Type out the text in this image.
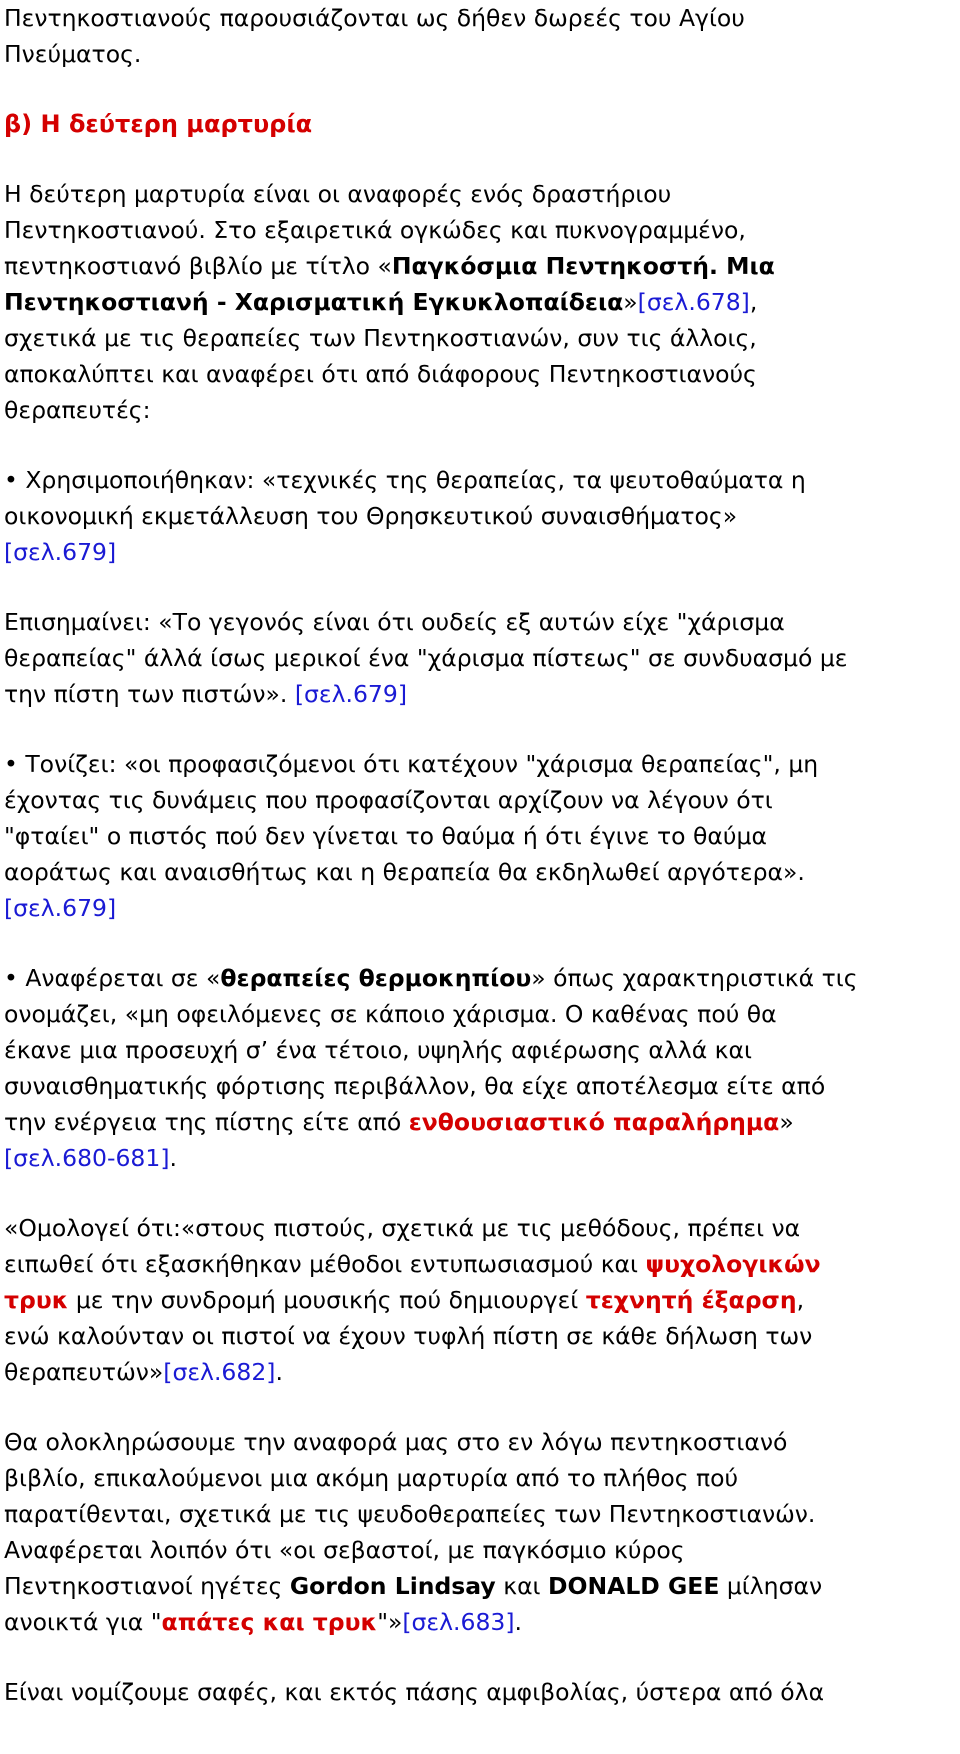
Πεντηκοστιανούς παρουσιάζονται ως δήθεν δωρεές του Αγίου
Πνεύματος.
β) Η δεύτερη μαρτυρία
Η δεύτερη μαρτυρία είναι οι αναφορές ενός δραστήριου
Πεντηκοστιανού. Στο εξαιρετικά ογκώδες και πυκνογραμμένο,
πεντηκοστιανό βιβλίο με τίτλο «Παγκόσμια Πεντηκοστή. Μια
Πεντηκοστιανή - Χαρισματική Εγκυκλοπαίδεια»[σελ.678],
σχετικά με τις θεραπείες των Πεντηκοστιανών, συν τις άλλοις,
αποκαλύπτει και αναφέρει ότι από διάφορους Πεντηκοστιανούς
θεραπευτές:
• Χρησιμοποιήθηκαν: «τεχνικές της θεραπείας, τα ψευτοθαύματα η
οικονομική εκμετάλλευση του Θρησκευτικού συναισθήματος»
[σελ.679]
Επισημαίνει: «Το γεγονός είναι ότι ουδείς εξ αυτών είχε "χάρισμα
θεραπείας" άλλά ίσως μερικοί ένα "χάρισμα πίστεως" σε συνδυασμό με
την πίστη των πιστών». [σελ.679]
• Τονίζει: «οι προφασιζόμενοι ότι κατέχουν "χάρισμα θεραπείας", μη
έχοντας τις δυνάμεις που προφασίζονται αρχίζουν να λέγουν ότι
"φταίει" ο πιστός πού δεν γίνεται το θαύμα ή ότι έγινε το θαύμα
αοράτως και αναισθήτως και η θεραπεία θα εκδηλωθεί αργότερα».
[σελ.679]
• Αναφέρεται σε «θεραπείες θερμοκηπίου» όπως χαρακτηριστικά τις
ονομάζει, «μη οφειλόμενες σε κάποιο χάρισμα. Ο καθένας πού θα
έκανε μια προσευχή σ’ ένα τέτοιο, υψηλής αφιέρωσης αλλά και
συναισθηματικής φόρτισης περιβάλλον, θα είχε αποτέλεσμα είτε από
την ενέργεια της πίστης είτε από ενθουσιαστικό παραλήρημα»
[σελ.680-681].
«Ομολογεί ότι:«στους πιστούς, σχετικά με τις μεθόδους, πρέπει να
ειπωθεί ότι εξασκήθηκαν μέθοδοι εντυπωσιασμού και ψυχολογικών
τρυκ με την συνδρομή μουσικής πού δημιουργεί τεχνητή έξαρση,
ενώ καλούνταν οι πιστοί να έχουν τυφλή πίστη σε κάθε δήλωση των
θεραπευτών»[σελ.682].
Θα ολοκληρώσουμε την αναφορά μας στο εν λόγω πεντηκοστιανό
βιβλίο, επικαλούμενοι μια ακόμη μαρτυρία από το πλήθος πού
παρατίθενται, σχετικά με τις ψευδοθεραπείες των Πεντηκοστιανών.
Αναφέρεται λοιπόν ότι «οι σεβαστοί, με παγκόσμιο κύρος
Πεντηκοστιανοί ηγέτες Gordon Lindsay και DONALD GEE μίλησαν
ανοικτά για "απάτες και τρυκ"»[σελ.683].
Είναι νομίζουμε σαφές, και εκτός πάσης αμφιβολίας, ύστερα από όλα
